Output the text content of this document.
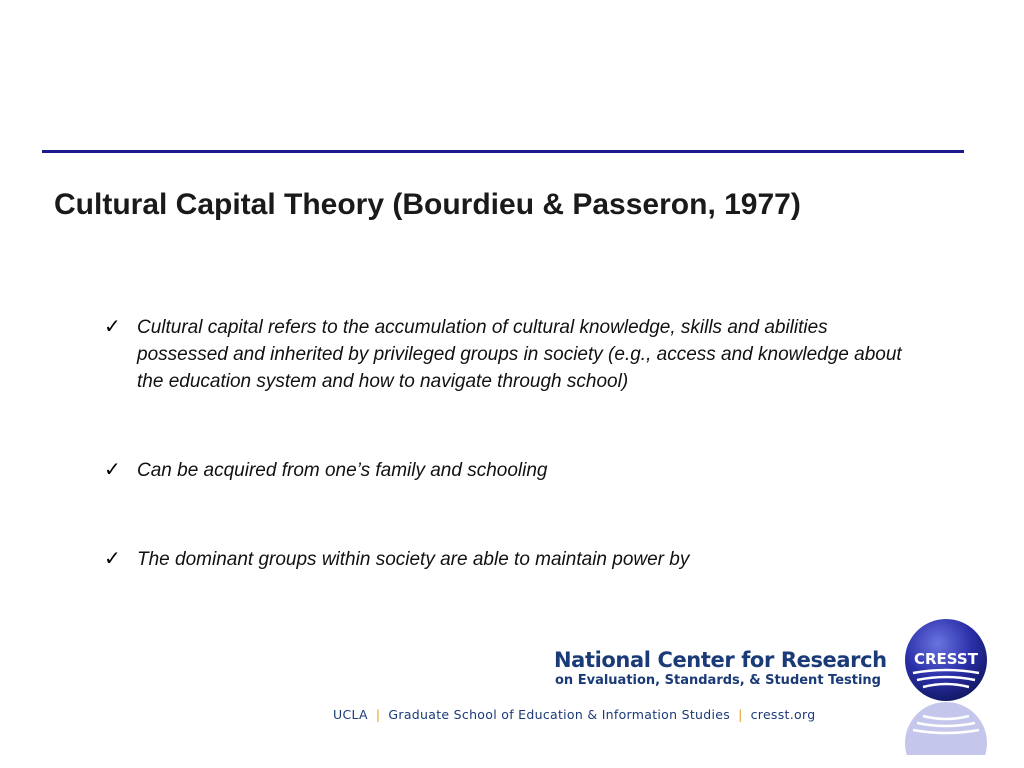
Cultural Capital Theory (Bourdieu & Passeron, 1977)
✓ Cultural capital refers to the accumulation of cultural knowledge, skills and abilities possessed and inherited by privileged groups in society (e.g., access and knowledge about the education system and how to navigate through school)
✓ Can be acquired from one’s family and schooling
✓ The dominant groups within society are able to maintain power by
National Center for Research
on Evaluation, Standards, & Student Testing
UCLA | Graduate School of Education & Information Studies | cresst.org
CRESST
